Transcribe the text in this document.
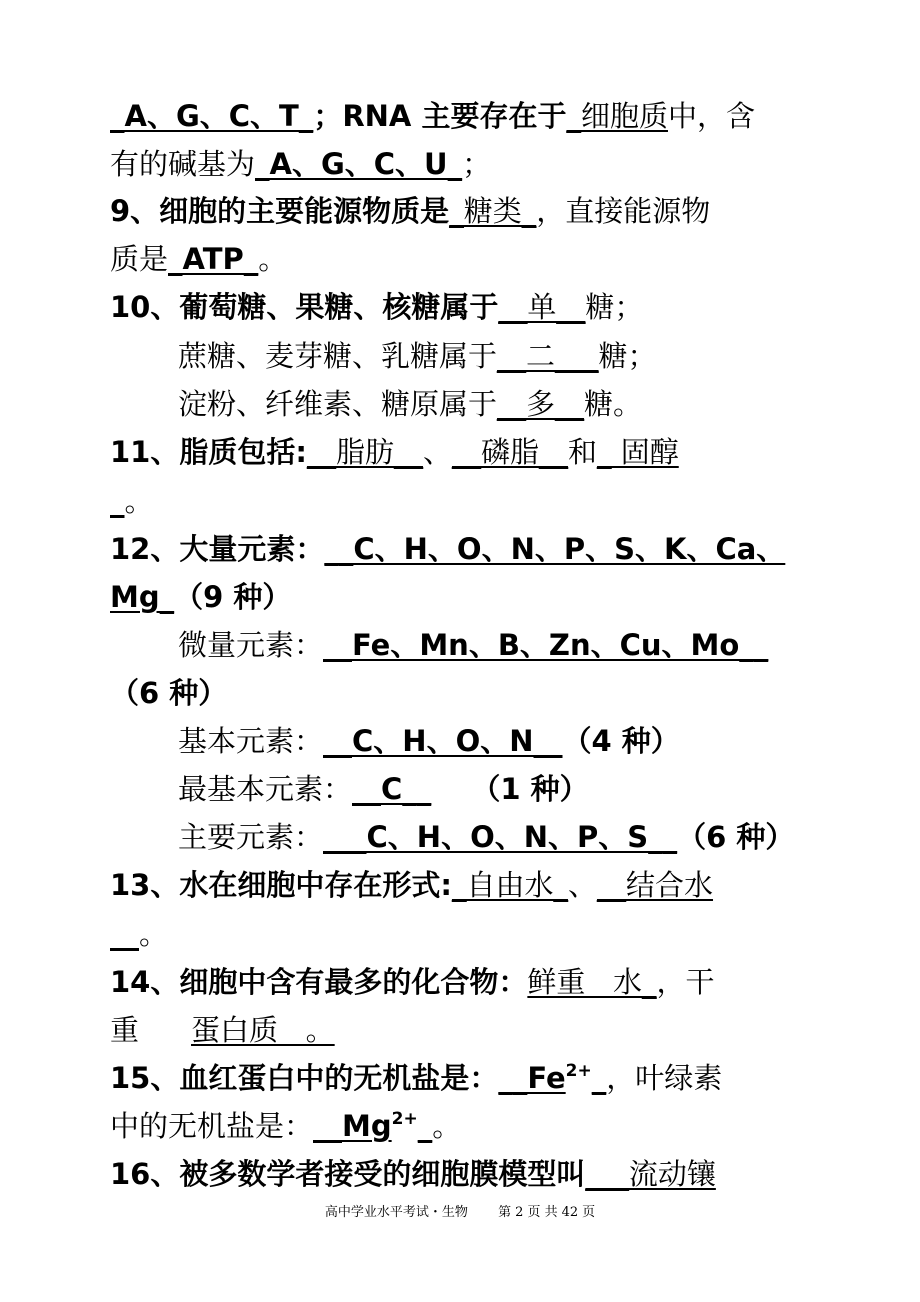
_A、G、C、T_；RNA 主要存在于_细胞质中，含
有的碱基为_A、G、C、U_；
9、细胞的主要能源物质是_糖类_，直接能源物
质是_ATP_。
10、葡萄糖、果糖、核糖属于__单__糖；
蔗糖、麦芽糖、乳糖属于__二___糖；
淀粉、纤维素、糖原属于__多__糖。
11、脂质包括:__脂肪__、__磷脂__和_ 固醇
_。
12、大量元素：__C、H、O、N、P、S、K、Ca、
Mg_（9 种）
微量元素：__Fe、Mn、B、Zn、Cu、Mo__
（6 种）
基本元素：__C、H、O、N__（4 种）
最基本元素：__C__ （1 种）
主要元素：___C、H、O、N、P、S__（6 种）
13、水在细胞中存在形式:_自由水_、__结合水
__。
14、细胞中含有最多的化合物：鲜重   水_，干
重 蛋白质   。
15、血红蛋白中的无机盐是：$\_\_Fe^{2+}\_$，叶绿素
中的无机盐是：$\_\_Mg^{2+}\_$。
16、被多数学者接受的细胞膜模型叫___流动镶
高中学业水平考试・生物 第 2 页 共 42 页
